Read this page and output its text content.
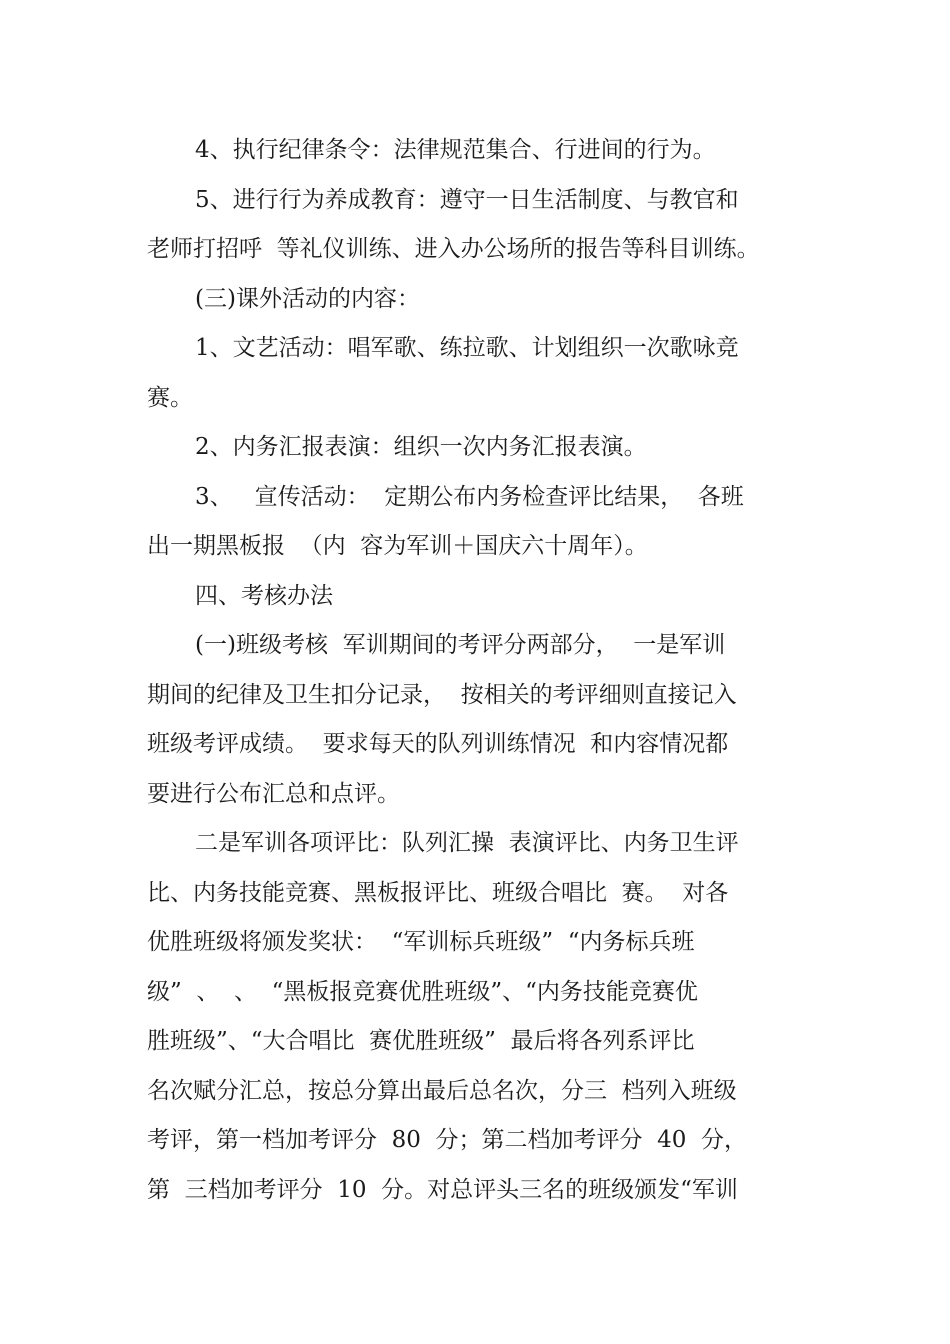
4、执行纪律条令：法律规范集合、行进间的行为。
5、进行行为养成教育：遵守一日生活制度、与教官和
老师打招呼  等礼仪训练、进入办公场所的报告等科目训练。
(三)课外活动的内容：
1、文艺活动：唱军歌、练拉歌、计划组织一次歌咏竞
赛。
2、内务汇报表演：组织一次内务汇报表演。
3、   宣传活动：  定期公布内务检查评比结果，  各班
出一期黑板报  （内  容为军训＋国庆六十周年）。
四、考核办法
(一)班级考核  军训期间的考评分两部分，  一是军训
期间的纪律及卫生扣分记录，  按相关的考评细则直接记入
班级考评成绩。  要求每天的队列训练情况  和内容情况都
要进行公布汇总和点评。
二是军训各项评比：队列汇操  表演评比、内务卫生评
比、内务技能竞赛、黑板报评比、班级合唱比  赛。  对各
优胜班级将颁发奖状：  “军训标兵班级”  “内务标兵班
级”  、  、  “黑板报竞赛优胜班级”、“内务技能竞赛优
胜班级”、“大合唱比  赛优胜班级”  最后将各列系评比
名次赋分汇总，按总分算出最后总名次，分三  档列入班级
考评，第一档加考评分  80  分；第二档加考评分  40  分，
第  三档加考评分  10  分。对总评头三名的班级颁发“军训
